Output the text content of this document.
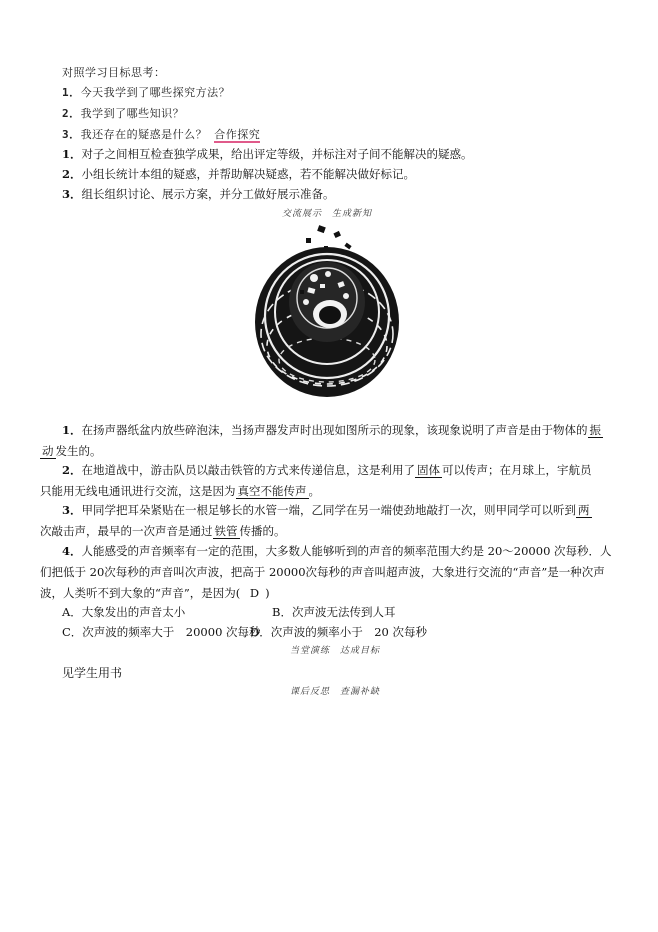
对照学习目标思考：
1．今天我学到了哪些探究方法？
2．我学到了哪些知识？
3．我还存在的疑惑是什么？ 合作探究
1．对子之间相互检查独学成果，给出评定等级，并标注对子间不能解决的疑惑。
2．小组长统计本组的疑惑，并帮助解决疑惑，若不能解决做好标记。
3．组长组织讨论、展示方案，并分工做好展示准备。
交流展示　生成新知
1．在扬声器纸盆内放些碎泡沫，当扬声器发声时出现如图所示的现象，该现象说明了声音是由于物体的 振
动 发生的。
2．在地道战中，游击队员以敲击铁管的方式来传递信息，这是利用了 固体 可以传声；在月球上，宇航员
只能用无线电通讯进行交流，这是因为 真空不能传声 。
3．甲同学把耳朵紧贴在一根足够长的水管一端，乙同学在另一端使劲地敲打一次，则甲同学可以听到 两
次敲击声，最早的一次声音是通过 铁管 传播的。
4．人能感受的声音频率有一定的范围，大多数人能够听到的声音的频率范围大约是 20～20000 次每秒．人
们把低于 20次每秒的声音叫次声波，把高于 20000次每秒的声音叫超声波，大象进行交流的“声音”是一种次声
波，人类听不到大象的“声音”，是因为( D )
A．大象发出的声音太小	B．次声波无法传到人耳
C．次声波的频率大于　20000 次每秒
D．次声波的频率小于　20 次每秒
当堂演练　达成目标
见学生用书
课后反思　查漏补缺
